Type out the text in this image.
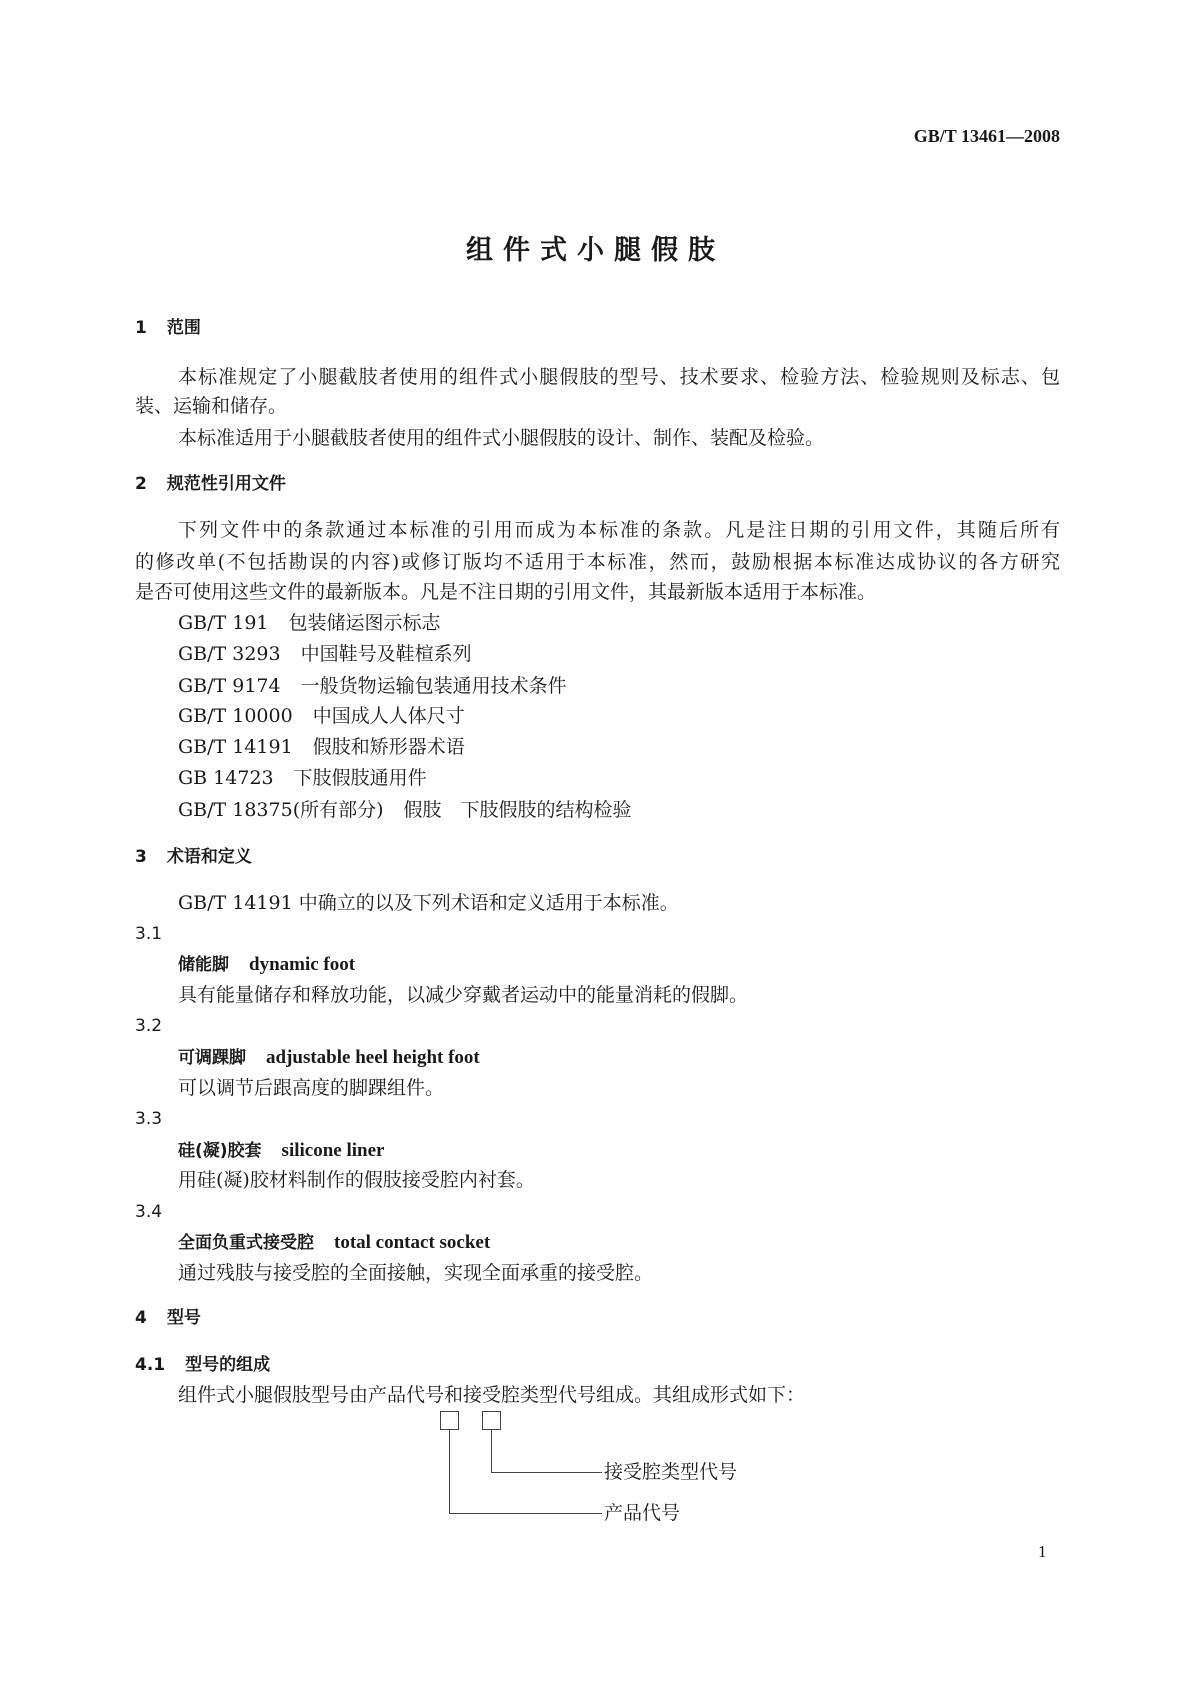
GB/T 13461—2008
组件式小腿假肢
1 范围
本标准规定了小腿截肢者使用的组件式小腿假肢的型号、技术要求、检验方法、检验规则及标志、包
装、运输和储存。
本标准适用于小腿截肢者使用的组件式小腿假肢的设计、制作、装配及检验。
2 规范性引用文件
下列文件中的条款通过本标准的引用而成为本标准的条款。凡是注日期的引用文件，其随后所有
的修改单(不包括勘误的内容)或修订版均不适用于本标准，然而，鼓励根据本标准达成协议的各方研究
是否可使用这些文件的最新版本。凡是不注日期的引用文件，其最新版本适用于本标准。
GB/T 191 包装储运图示标志
GB/T 3293 中国鞋号及鞋楦系列
GB/T 9174 一般货物运输包装通用技术条件
GB/T 10000 中国成人人体尺寸
GB/T 14191 假肢和矫形器术语
GB 14723 下肢假肢通用件
GB/T 18375(所有部分) 假肢　下肢假肢的结构检验
3 术语和定义
GB/T 14191 中确立的以及下列术语和定义适用于本标准。
3.1
储能脚 dynamic foot
具有能量储存和释放功能，以减少穿戴者运动中的能量消耗的假脚。
3.2
可调踝脚 adjustable heel height foot
可以调节后跟高度的脚踝组件。
3.3
硅(凝)胶套 silicone liner
用硅(凝)胶材料制作的假肢接受腔内衬套。
3.4
全面负重式接受腔 total contact socket
通过残肢与接受腔的全面接触，实现全面承重的接受腔。
4 型号
4.1 型号的组成
组件式小腿假肢型号由产品代号和接受腔类型代号组成。其组成形式如下：
接受腔类型代号
产品代号
1
